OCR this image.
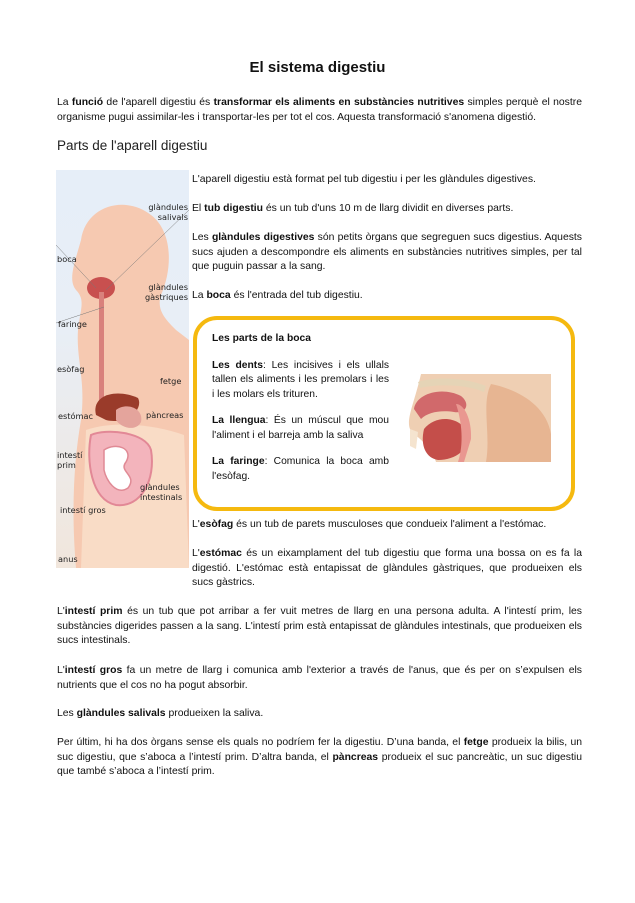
El sistema digestiu
La funció de l'aparell digestiu és transformar els aliments en substàncies nutritives simples perquè el nostre organisme pugui assimilar-les i transportar-les per tot el cos. Aquesta transformació s'anomena digestió.
Parts de l'aparell digestiu
glàndules salivals
boca
glàndules gàstriques
faringe
esòfag
fetge
estómac	pàncreas
intestí prim
glàndules intestinals
intestí gros
anus
L'aparell digestiu està format pel tub digestiu i per les glàndules digestives.
El tub digestiu és un tub d'uns 10 m de llarg dividit en diverses parts.
Les glàndules digestives són petits òrgans que segreguen sucs digestius. Aquests sucs ajuden a descompondre els aliments en substàncies nutritives simples, per tal que puguin passar a la sang.
La boca és l'entrada del tub digestiu.

Les parts de la boca

Les dents: Les incisives i els ullals tallen els aliments i les premolars i les i les molars els trituren.

La llengua: És un múscul que mou l'aliment i el barreja amb la saliva

La faringe: Comunica la boca amb l'esòfag.

L'esòfag és un tub de parets musculoses que condueix l'aliment a l'estómac.
L'estómac és un eixamplament del tub digestiu que forma una bossa on es fa la digestió. L'estómac està entapissat de glàndules gàstriques, que produeixen els sucs gàstrics.
L'intestí prim és un tub que pot arribar a fer vuit metres de llarg en una persona adulta. A l'intestí prim, les substàncies digerides passen a la sang. L'intestí prim està entapissat de glàndules intestinals, que produeixen els sucs intestinals.
L'intestí gros fa un metre de llarg i comunica amb l'exterior a través de l'anus, que és per on s’expulsen els nutrients que el cos no ha pogut absorbir.
Les glàndules salivals produeixen la saliva.
Per últim, hi ha dos òrgans sense els quals no podríem fer la digestiu. D’una banda, el fetge produeix la bilis, un suc digestiu, que s’aboca a l’intestí prim. D’altra banda, el pàncreas produeix el suc pancreàtic, un suc digestiu que també s’aboca a l’intestí prim.
